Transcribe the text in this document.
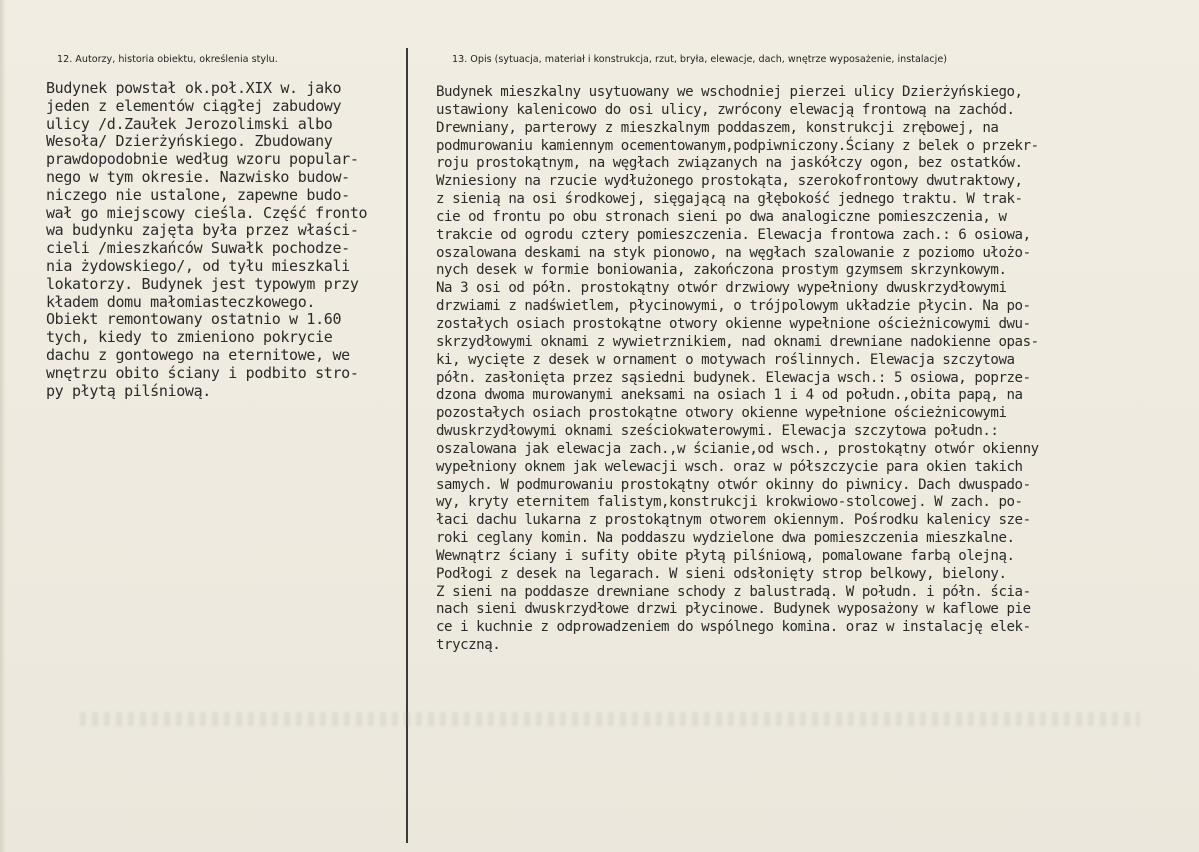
12. Autorzy, historia obiektu, określenia stylu.	13. Opis (sytuacja, materiał i konstrukcja, rzut, bryła, elewacje, dach, wnętrze wyposażenie, instalacje)
Budynek powstał ok.poł.XIX w. jako
jeden z elementów ciągłej zabudowy
ulicy /d.Zaułek Jerozolimski albo
Wesoła/ Dzierżyńskiego. Zbudowany
prawdopodobnie według wzoru popular-
nego w tym okresie. Nazwisko budow-
niczego nie ustalone, zapewne budo-
wał go miejscowy cieśla. Część fronto
wa budynku zajęta była przez właści-
cieli /mieszkańców Suwałk pochodze-
nia żydowskiego/, od tyłu mieszkali
lokatorzy. Budynek jest typowym przy
kładem domu małomiasteczkowego.
Obiekt remontowany ostatnio w 1.60
tych, kiedy to zmieniono pokrycie
dachu z gontowego na eternitowe, we
wnętrzu obito ściany i podbito stro-
py płytą pilśniową.
Budynek mieszkalny usytuowany we wschodniej pierzei ulicy Dzierżyńskiego,
ustawiony kalenicowo do osi ulicy, zwrócony elewacją frontową na zachód.
Drewniany, parterowy z mieszkalnym poddaszem, konstrukcji zrębowej, na
podmurowaniu kamiennym ocementowanym,podpiwniczony.Ściany z belek o przekr-
roju prostokątnym, na węgłach związanych na jaskółczy ogon, bez ostatków.
Wzniesiony na rzucie wydłużonego prostokąta, szerokofrontowy dwutraktowy,
z sienią na osi środkowej, sięgającą na głębokość jednego traktu. W trak-
cie od frontu po obu stronach sieni po dwa analogiczne pomieszczenia, w
trakcie od ogrodu cztery pomieszczenia. Elewacja frontowa zach.: 6 osiowa,
oszalowana deskami na styk pionowo, na węgłach szalowanie z poziomo ułożo-
nych desek w formie boniowania, zakończona prostym gzymsem skrzynkowym.
Na 3 osi od półn. prostokątny otwór drzwiowy wypełniony dwuskrzydłowymi
drzwiami z nadświetlem, płycinowymi, o trójpolowym układzie płycin. Na po-
zostałych osiach prostokątne otwory okienne wypełnione ościeżnicowymi dwu-
skrzydłowymi oknami z wywietrznikiem, nad oknami drewniane nadokienne opas-
ki, wycięte z desek w ornament o motywach roślinnych. Elewacja szczytowa
półn. zasłonięta przez sąsiedni budynek. Elewacja wsch.: 5 osiowa, poprze-
dzona dwoma murowanymi aneksami na osiach 1 i 4 od połudn.,obita papą, na
pozostałych osiach prostokątne otwory okienne wypełnione ościeżnicowymi
dwuskrzydłowymi oknami sześciokwaterowymi. Elewacja szczytowa połudn.:
oszalowana jak elewacja zach.,w ścianie,od wsch., prostokątny otwór okienny
wypełniony oknem jak welewacji wsch. oraz w półszczycie para okien takich
samych. W podmurowaniu prostokątny otwór okinny do piwnicy. Dach dwuspado-
wy, kryty eternitem falistym,konstrukcji krokwiowo-stolcowej. W zach. po-
łaci dachu lukarna z prostokątnym otworem okiennym. Pośrodku kalenicy sze-
roki ceglany komin. Na poddaszu wydzielone dwa pomieszczenia mieszkalne.
Wewnątrz ściany i sufity obite płytą pilśniową, pomalowane farbą olejną.
Podłogi z desek na legarach. W sieni odsłonięty strop belkowy, bielony.
Z sieni na poddasze drewniane schody z balustradą. W połudn. i półn. ścia-
nach sieni dwuskrzydłowe drzwi płycinowe. Budynek wyposażony w kaflowe pie
ce i kuchnie z odprowadzeniem do wspólnego komina. oraz w instalację elek-
tryczną.
